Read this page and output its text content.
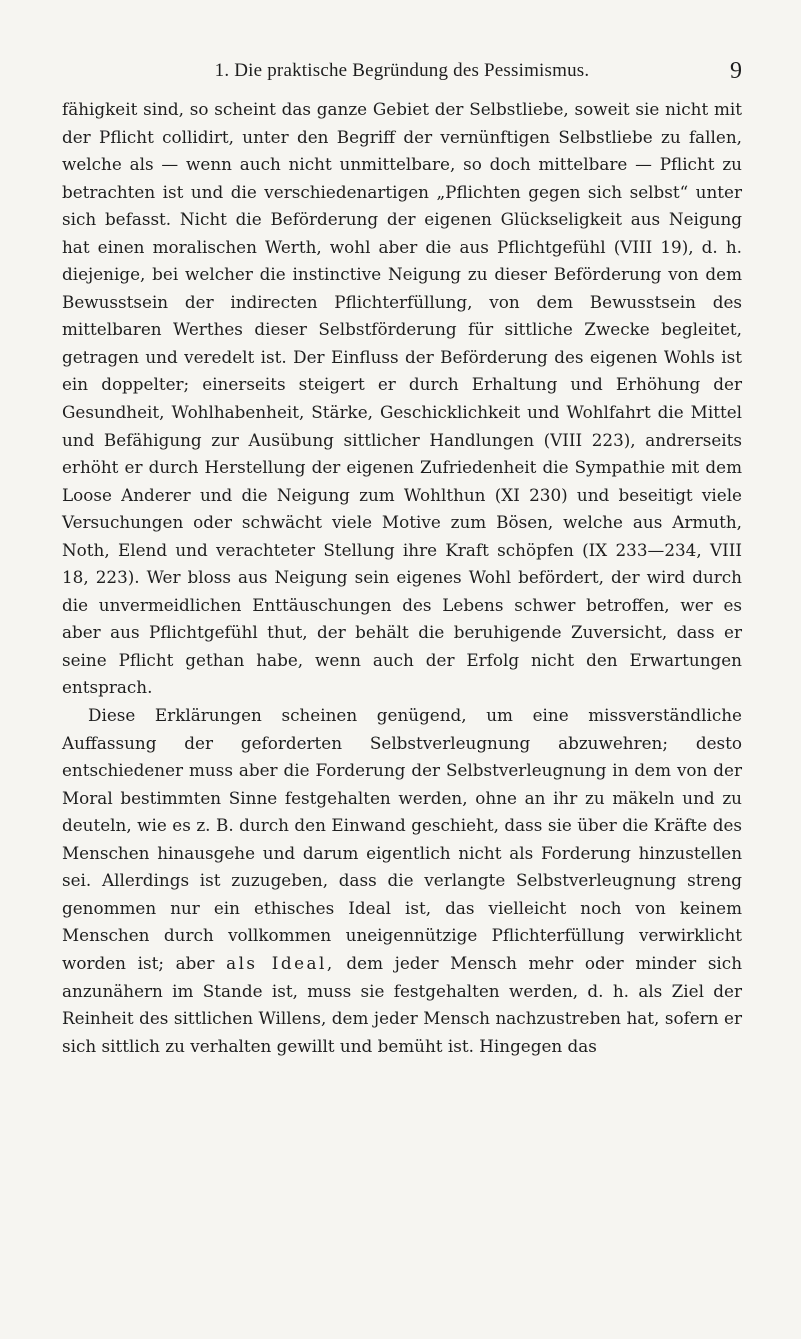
1. Die praktische Begründung des Pessimismus.	9

fähigkeit sind, so scheint das ganze Gebiet der Selbstliebe, soweit sie nicht mit der Pflicht collidirt, unter den Begriff der vernünftigen Selbstliebe zu fallen, welche als — wenn auch nicht unmittelbare, so doch mittelbare — Pflicht zu betrachten ist und die verschiedenartigen „Pflichten gegen sich selbst“ unter sich befasst. Nicht die Beförderung der eigenen Glückseligkeit aus Neigung hat einen moralischen Werth, wohl aber die aus Pflichtgefühl (VIII 19), d. h. diejenige, bei welcher die instinctive Neigung zu dieser Beförderung von dem Bewusstsein der indirecten Pflichterfüllung, von dem Bewusstsein des mittelbaren Werthes dieser Selbstförderung für sittliche Zwecke begleitet, getragen und veredelt ist. Der Einfluss der Beförderung des eigenen Wohls ist ein doppelter; einerseits steigert er durch Erhaltung und Erhöhung der Gesundheit, Wohlhabenheit, Stärke, Geschicklichkeit und Wohlfahrt die Mittel und Befähigung zur Ausübung sittlicher Handlungen (VIII 223), andrerseits erhöht er durch Herstellung der eigenen Zufriedenheit die Sympathie mit dem Loose Anderer und die Neigung zum Wohlthun (XI 230) und beseitigt viele Versuchungen oder schwächt viele Motive zum Bösen, welche aus Armuth, Noth, Elend und verachteter Stellung ihre Kraft schöpfen (IX 233—234, VIII 18, 223). Wer bloss aus Neigung sein eigenes Wohl befördert, der wird durch die unvermeidlichen Enttäuschungen des Lebens schwer betroffen, wer es aber aus Pflichtgefühl thut, der behält die beruhigende Zuversicht, dass er seine Pflicht gethan habe, wenn auch der Erfolg nicht den Erwartungen entsprach.

Diese Erklärungen scheinen genügend, um eine missverständliche Auffassung der geforderten Selbstverleugnung abzuwehren; desto entschiedener muss aber die Forderung der Selbstverleugnung in dem von der Moral bestimmten Sinne festgehalten werden, ohne an ihr zu mäkeln und zu deuteln, wie es z. B. durch den Einwand geschieht, dass sie über die Kräfte des Menschen hinausgehe und darum eigentlich nicht als Forderung hinzustellen sei. Allerdings ist zuzugeben, dass die verlangte Selbstverleugnung streng genommen nur ein ethisches Ideal ist, das vielleicht noch von keinem Menschen durch vollkommen uneigennützige Pflichterfüllung verwirklicht worden ist; aber als Ideal, dem jeder Mensch mehr oder minder sich anzunähern im Stande ist, muss sie festgehalten werden, d. h. als Ziel der Reinheit des sittlichen Willens, dem jeder Mensch nachzustreben hat, sofern er sich sittlich zu verhalten gewillt und bemüht ist. Hingegen das
